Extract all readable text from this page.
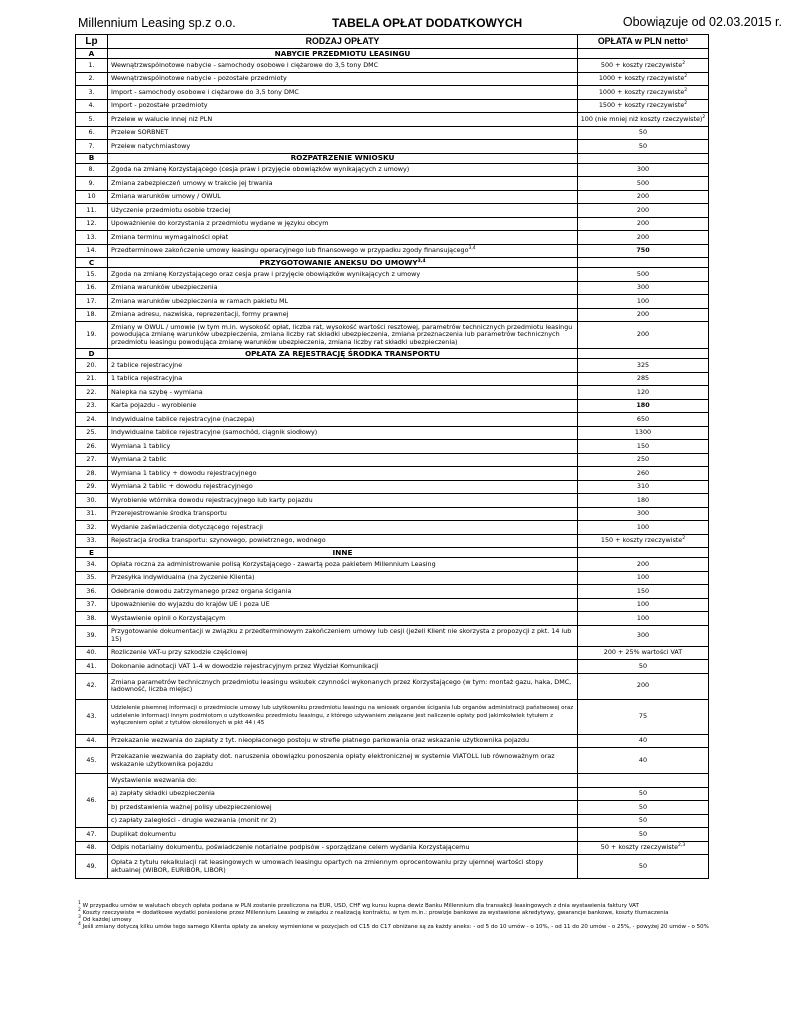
Millennium Leasing sp.z o.o.	TABELA OPŁAT DODATKOWYCH	Obowiązuje od 02.03.2015 r.
Lp	RODZAJ OPŁATY	OPŁATA w PLN netto$^1$
A	NABYCIE PRZEDMIOTU LEASINGU	
1.	Wewnątrzwspólnotowe nabycie - samochody osobowe i ciężarowe do 3,5 tony DMC	500 + koszty rzeczywiste$^2$
2.	Wewnątrzwspólnotowe nabycie - pozostałe przedmioty	1000 + koszty rzeczywiste$^2$
3.	Import - samochody osobowe i ciężarowe do 3,5 tony DMC	1000 + koszty rzeczywiste$^2$
4.	Import - pozostałe przedmioty	1500 + koszty rzeczywiste$^2$
5.	Przelew w walucie innej niż PLN	100 (nie mniej niż koszty rzeczywiste)$^2$
6.	Przelew SORBNET	50
7.	Przelew natychmiastowy	50
B	ROZPATRZENIE WNIOSKU	
8.	Zgoda na zmianę Korzystającego (cesja praw i przyjęcie obowiązków wynikających z umowy)	300
9.	Zmiana zabezpieczeń umowy w trakcie jej trwania	500
10	Zmiana warunków umowy / OWUL	200
11.	Użyczenie przedmiotu osobie trzeciej	200
12.	Upoważnienie do korzystania z przedmiotu wydane w języku obcym	200
13.	Zmiana terminu wymagalności opłat	200
14.	Przedterminowe zakończenie umowy leasingu operacyjnego lub finansowego w przypadku zgody finansującego$^{3,4}$	750
C	PRZYGOTOWANIE ANEKSU DO UMOWY$^{3,4}$	
15.	Zgoda na zmianę Korzystającego oraz cesja praw i przyjęcie obowiązków wynikających z umowy	500
16.	Zmiana warunków ubezpieczenia	300
17.	Zmiana warunków ubezpieczenia w ramach pakietu ML	100
18.	Zmiana adresu, nazwiska, reprezentacji, formy prawnej	200
19.	Zmiany w OWUL / umowie (w tym m.in. wysokość opłat, liczba rat, wysokość wartości resztowej, parametrów technicznych przedmiotu leasingu powodująca zmianę warunków ubezpieczenia, zmiana liczby rat składki ubezpieczenia, zmiana przeznaczenia lub parametrów technicznych przedmiotu leasingu powodująca zmianę warunków ubezpieczenia, zmiana liczby rat składki ubezpieczenia)	200
D	OPŁATA ZA REJESTRACJĘ ŚRODKA TRANSPORTU	
20.	2 tablice rejestracyjne	325
21.	1 tablica rejestracyjna	285
22.	Nalepka na szybę - wymiana	120
23.	Karta pojazdu - wyrobienie	180
24.	Indywidualne tablice rejestracyjne (naczepa)	650
25.	Indywidualne tablice rejestracyjne (samochód, ciągnik siodłowy)	1300
26.	Wymiana 1 tablicy	150
27.	Wymiana 2 tablic	250
28.	Wymiana 1 tablicy + dowodu rejestracyjnego	260
29.	Wymiana 2 tablic + dowodu rejestracyjnego	310
30.	Wyrobienie wtórnika dowodu rejestracyjnego lub karty pojazdu	180
31.	Przerejestrowanie środka transportu	300
32.	Wydanie zaświadczenia dotyczącego rejestracji	100
33.	Rejestracja środka transportu: szynowego, powietrznego, wodnego	150 + koszty rzeczywiste$^2$
E	INNE	
34.	Opłata roczna za administrowanie polisą Korzystającego - zawartą poza pakietem Millennium Leasing	200
35.	Przesyłka indywidualna (na życzenie Klienta)	100
36.	Odebranie dowodu zatrzymanego przez organa ścigania	150
37.	Upoważnienie do wyjazdu do krajów UE i poza UE	100
38.	Wystawienie opinii o Korzystającym	100
39.	Przygotowanie dokumentacji w związku z przedterminowym zakończeniem umowy lub cesji (jeżeli Klient nie skorzysta z propozycji z pkt. 14 lub 15)	300
40.	Rozliczenie VAT-u przy szkodzie częściowej	200 + 25% wartości VAT
41.	Dokonanie adnotacji VAT 1-4 w dowodzie rejestracyjnym przez Wydział Komunikacji	50
42.	Zmiana parametrów technicznych przedmiotu leasingu wskutek czynności wykonanych przez Korzystającego (w tym: montaż gazu, haka, DMC, ładowność, liczba miejsc)	200
43.	Udzielenie pisemnej informacji o przedmiocie umowy lub użytkowniku przedmiotu leasingu na wniosek organów ścigania lub organów administracji państwowej oraz udzielenie informacji innym podmiotom o użytkowniku przedmiotu leasingu, z którego używaniem związane jest naliczenie opłaty pod jakimkolwiek tytułem z wyłączeniem opłat z tytułów określonych w pkt 44 i 45	75
44.	Przekazanie wezwania do zapłaty z tyt. nieopłaconego postoju w strefie płatnego parkowania oraz wskazanie użytkownika pojazdu	40
45.	Przekazanie wezwania do zapłaty dot. naruszenia obowiązku ponoszenia opłaty elektronicznej w systemie VIATOLL lub równoważnym oraz wskazanie użytkownika pojazdu	40
46.	Wystawienie wezwania do:	
	a) zapłaty składki ubezpieczenia	50
	b) przedstawienia ważnej polisy ubezpieczeniowej	50
	c) zapłaty zaległości - drugie wezwania (monit nr 2)	50
47.	Duplikat dokumentu	50
48.	Odpis notarialny dokumentu, poświadczenie notarialne podpisów - sporządzane celem wydania Korzystającemu	50 + koszty rzeczywiste$^{2,3}$
49.	Opłata z tytułu rekalkulacji rat leasingowych w umowach leasingu opartych na zmiennym oprocentowaniu przy ujemnej wartości stopy aktualnej (WIBOR, EURIBOR, LIBOR)	50
$^1$ W przypadku umów w walutach obcych opłata podana w PLN zostanie przeliczona na EUR, USD, CHF wg kursu kupna dewiz Banku Millennium dla transakcji leasingowych z dnia wystawienia faktury VAT
$^2$ Koszty rzeczywiste = dodatkowe wydatki poniesione przez Millennium Leasing w związku z realizacją kontraktu, w tym m.in.: prowizje bankowe za wystawione akredytywy, gwarancje bankowe, koszty tłumaczenia
$^3$ Od każdej umowy
$^4$ Jeśli zmiany dotyczą kilku umów tego samego Klienta opłaty za aneksy wymienione w pozycjach od C15 do C17 obniżane są za każdy aneks: - od 5 do 10 umów - o 10%, - od 11 do 20 umów - o 25%, - powyżej 20 umów - o 50%
